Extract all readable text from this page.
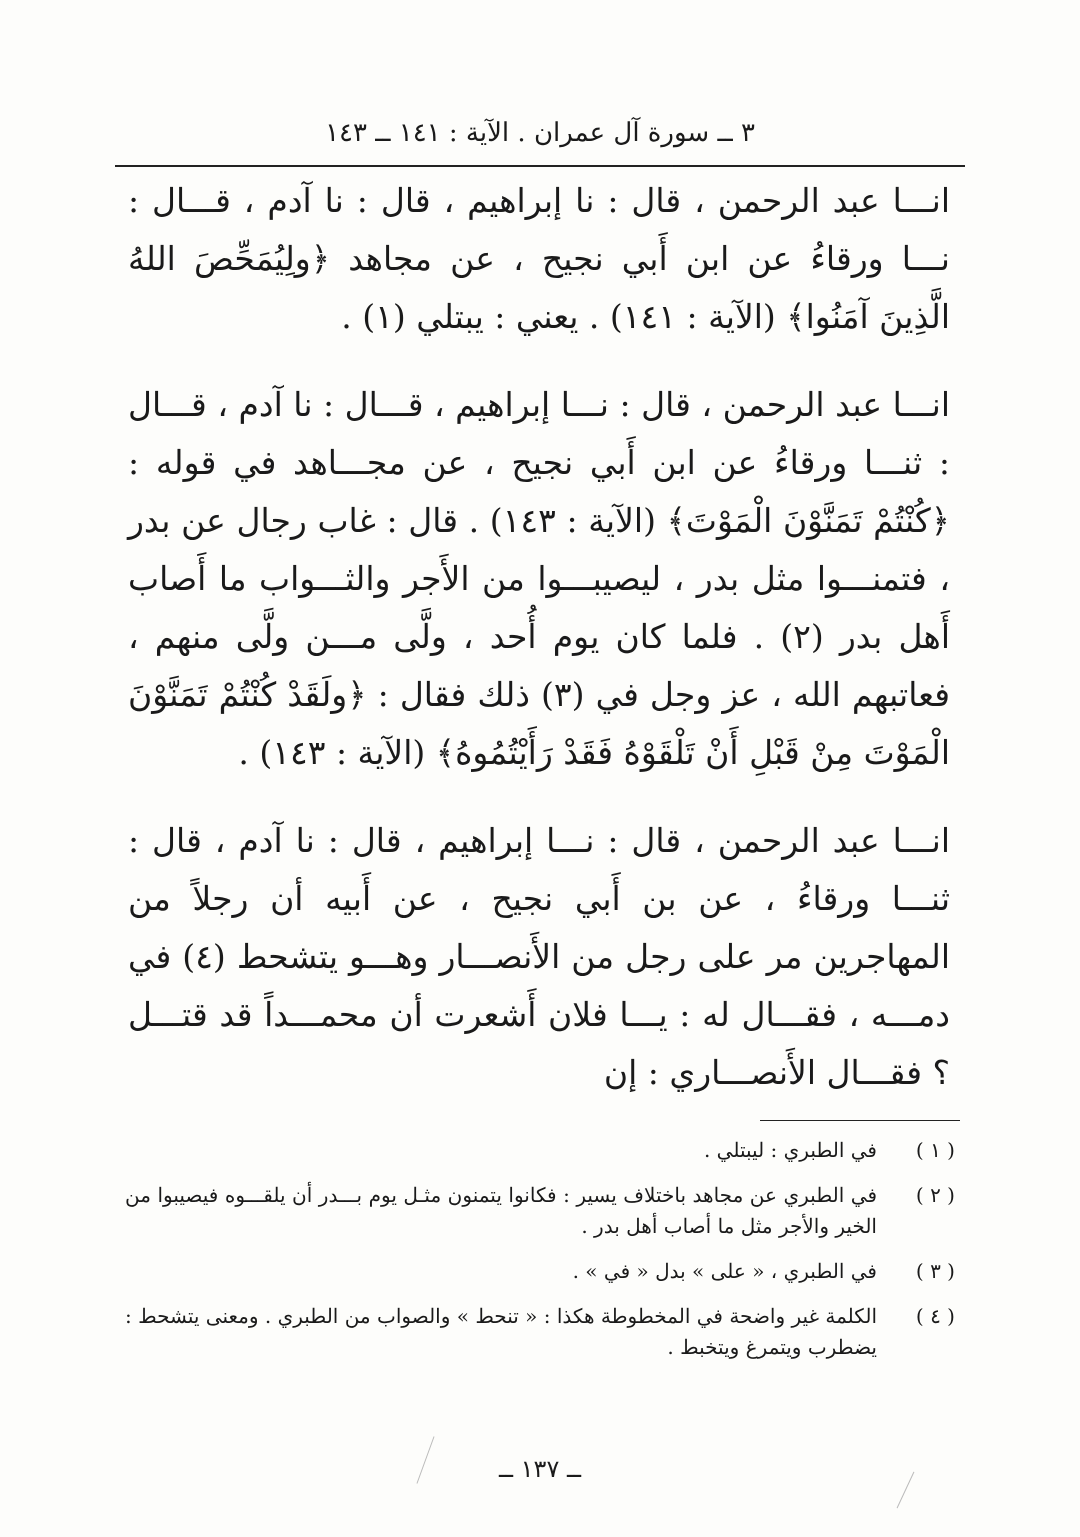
٣ ــ سورة آل عمران . الآية : ١٤١ ــ ١٤٣

انـــا عبد الرحمن ، قال : نا إبراهيم ، قال : نا آدم ، قـــال : نـــا ورقاءُ عن ابن أَبي نجيح ، عن مجاهد ﴿ولِيُمَحِّصَ اللهُ الَّذِينَ آمَنُوا﴾ (الآية : ١٤١) . يعني : يبتلي (١) .

انـــا عبد الرحمن ، قال : نـــا إبراهيم ، قـــال : نا آدم ، قـــال : ثنـــا ورقاءُ عن ابن أَبي نجيح ، عن مجـــاهد في قوله : ﴿كُنْتُمْ تَمَنَّوْنَ الْمَوْتَ﴾ (الآية : ١٤٣) . قال : غاب رجال عن بدر ، فتمنـــوا مثل بدر ، ليصيبـــوا من الأَجر والثـــواب ما أَصاب أَهل بدر (٢) . فلما كان يوم أُحد ، ولَّى مـــن ولَّى منهم ، فعاتبهم الله ، عز وجل في (٣) ذلك فقال : ﴿ولَقَدْ كُنْتُمْ تَمَنَّوْنَ الْمَوْتَ مِنْ قَبْلِ أَنْ تَلْقَوْهُ فَقَدْ رَأَيْتُمُوهُ﴾ (الآية : ١٤٣) .

انـــا عبد الرحمن ، قال : نـــا إبراهيم ، قال : نا آدم ، قال : ثنـــا ورقاءُ ، عن بن أَبي نجيح ، عن أَبيه أن رجلاً من المهاجرين مر على رجل من الأَنصـــار وهـــو يتشحط (٤) في دمـــه ، فقـــال له : يـــا فلان أَشعرت أن محمـــداً قد قتـــل ؟ فقـــال الأَنصـــاري : إن

( ١ )
في الطبري : ليبتلي .
( ٢ )
في الطبري عن مجاهد باختلاف يسير : فكانوا يتمنون مثـل يوم بـــدر أن يلقـــوه فيصيبوا من الخير والأجر مثل ما أصاب أهل بدر .
( ٣ )
في الطبري ، « على » بدل « في » .
( ٤ )
الكلمة غير واضحة في المخطوطة هكذا : « تنحط » والصواب من الطبري . ومعنى يتشحط : يضطرب ويتمرغ ويتخبط .
ــ ١٣٧ ــ
